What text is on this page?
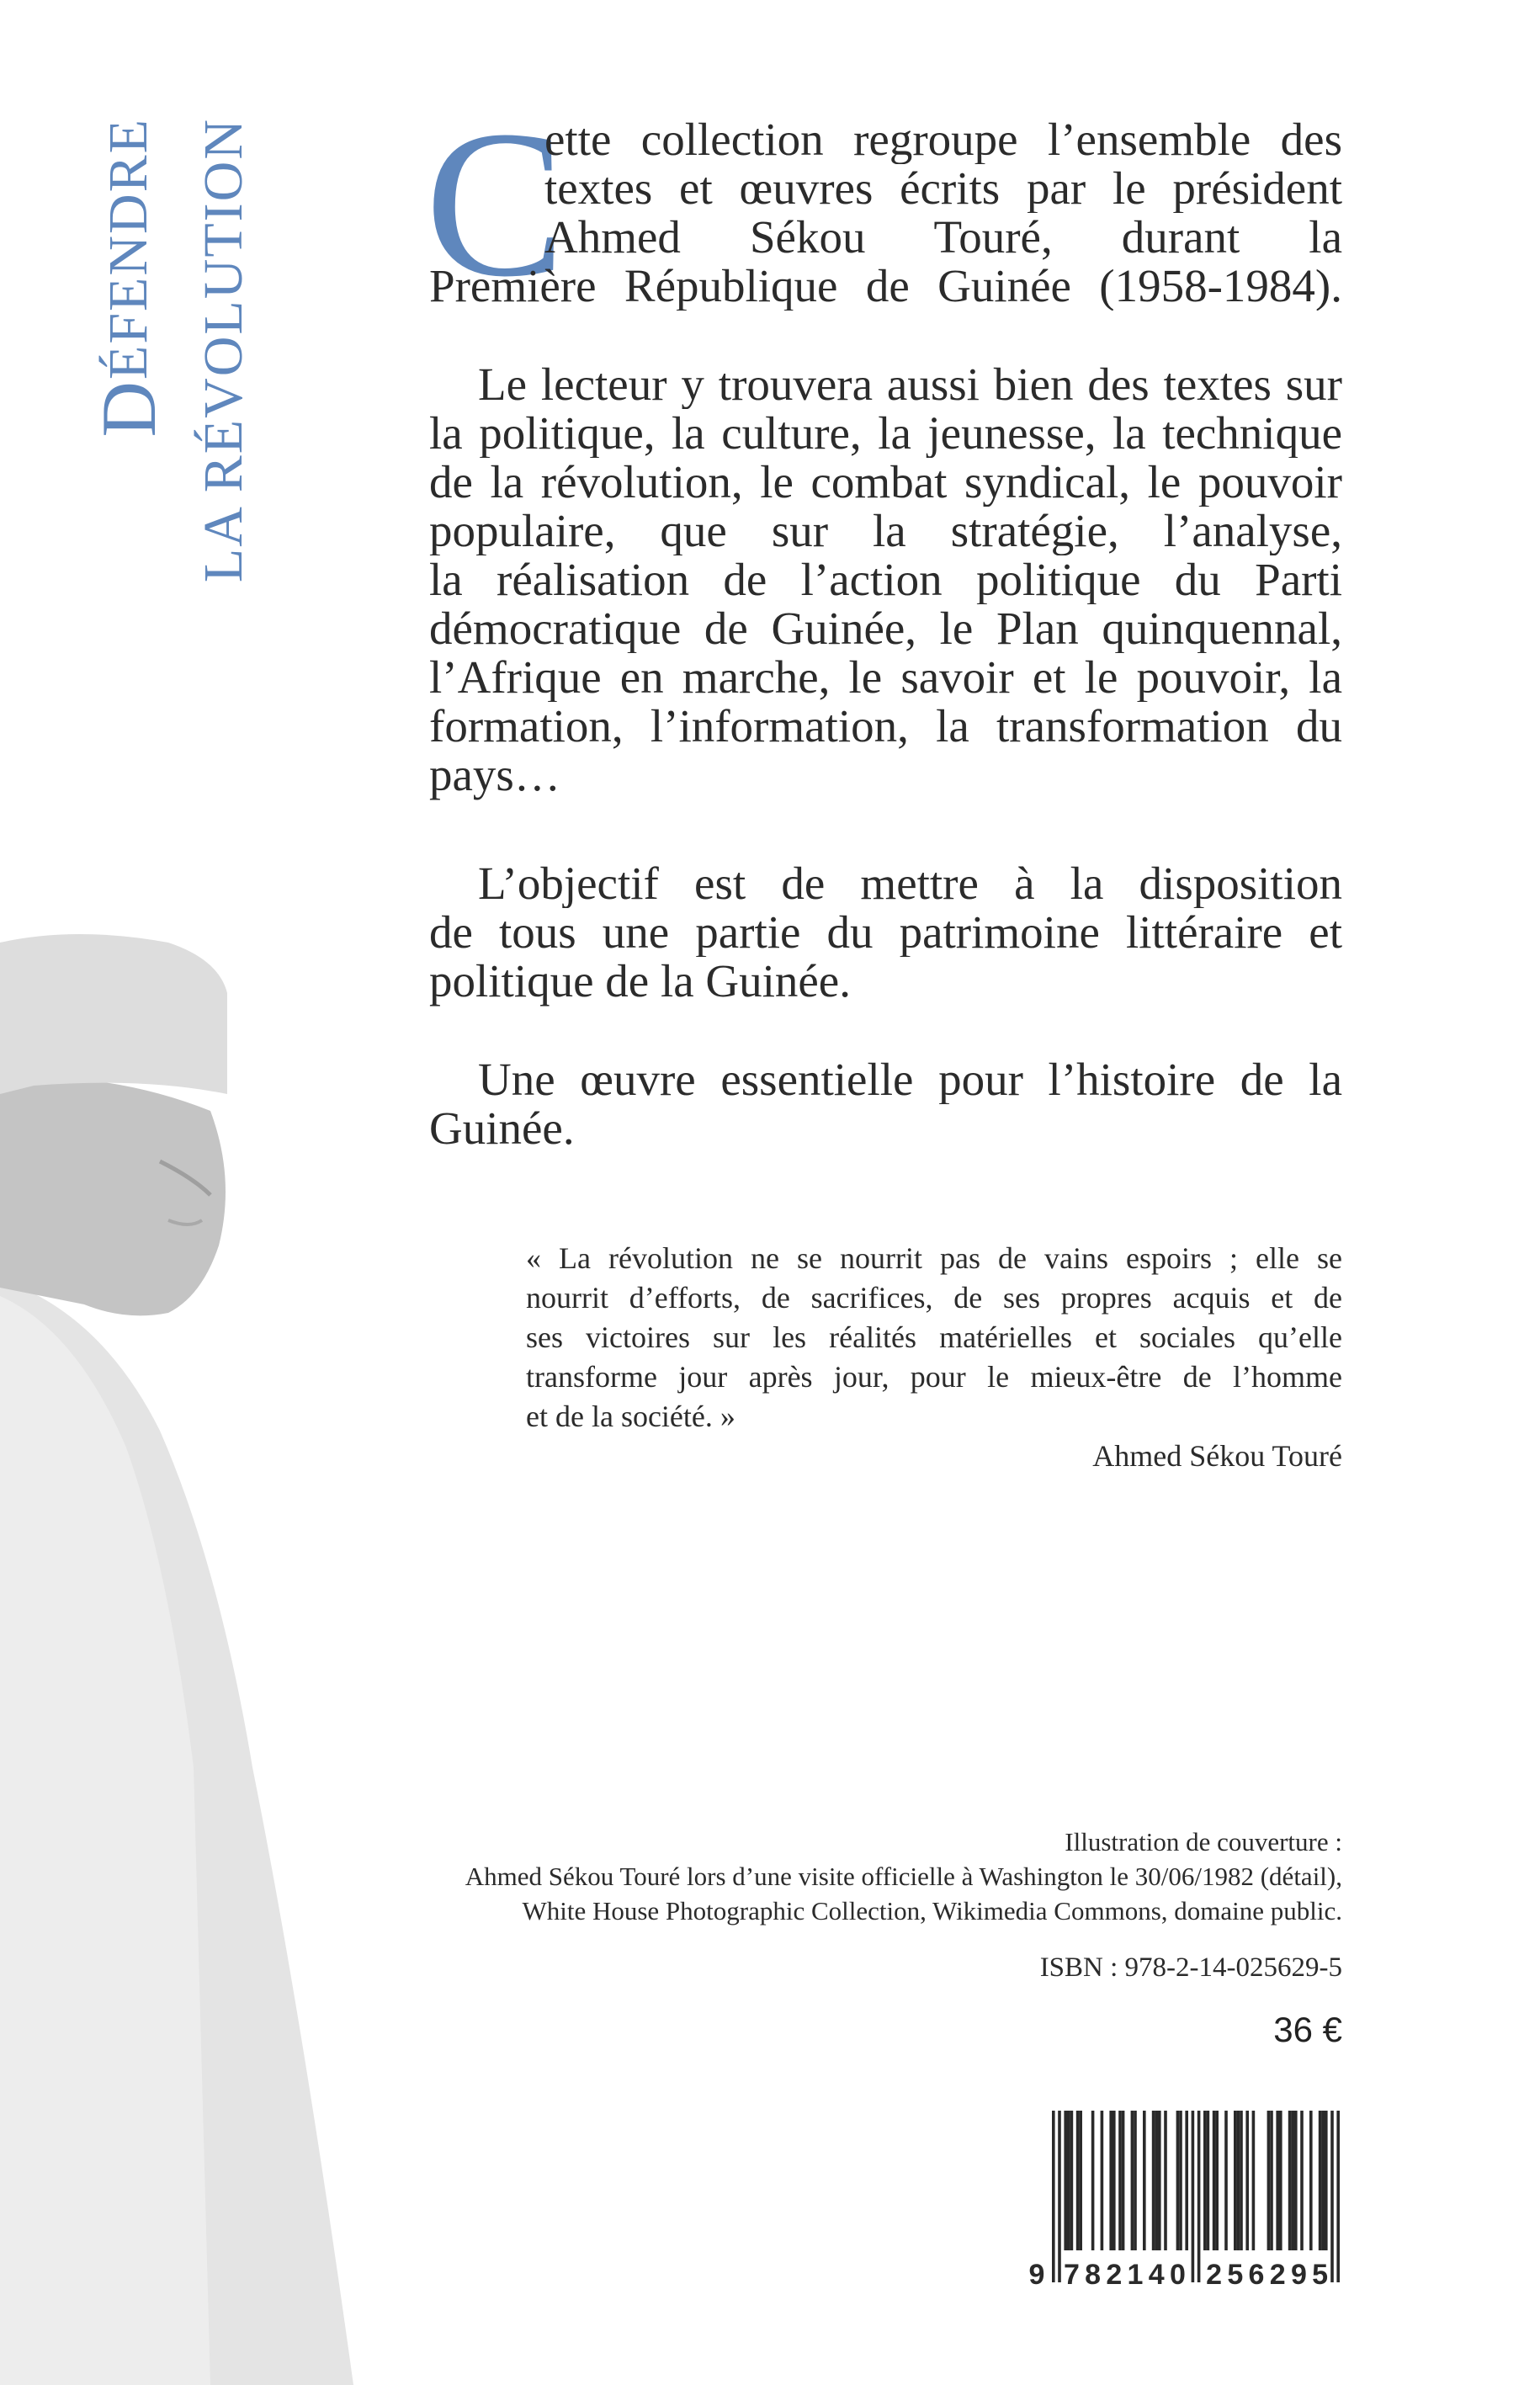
DÉFENDRE LA RÉVOLUTION C
ette collection regroupe l’ensemble des
textes et œuvres écrits par le président
Ahmed Sékou Touré, durant la
Première République de Guinée (1958-1984).
Le lecteur y trouvera aussi bien des textes sur
la politique, la culture, la jeunesse, la technique
de la révolution, le combat syndical, le pouvoir
populaire, que sur la stratégie, l’analyse,
la réalisation de l’action politique du Parti
démocratique de Guinée, le Plan quinquennal,
l’Afrique en marche, le savoir et le pouvoir, la
formation, l’information, la transformation du
pays…
L’objectif est de mettre à la disposition
de tous une partie du patrimoine littéraire et
politique de la Guinée.
Une œuvre essentielle pour l’histoire de la
Guinée.
« La révolution ne se nourrit pas de vains espoirs ; elle se
nourrit d’efforts, de sacrifices, de ses propres acquis et de
ses victoires sur les réalités matérielles et sociales qu’elle
transforme jour après jour, pour le mieux-être de l’homme
et de la société. »
Ahmed Sékou Touré
Illustration de couverture :
Ahmed Sékou Touré lors d’une visite officielle à Washington le 30/06/1982 (détail),
White House Photographic Collection, Wikimedia Commons, domaine public.
ISBN : 978-2-14-025629-5
36 €
9 7 8 2 1 4 0 2 5 6 2 9 5
